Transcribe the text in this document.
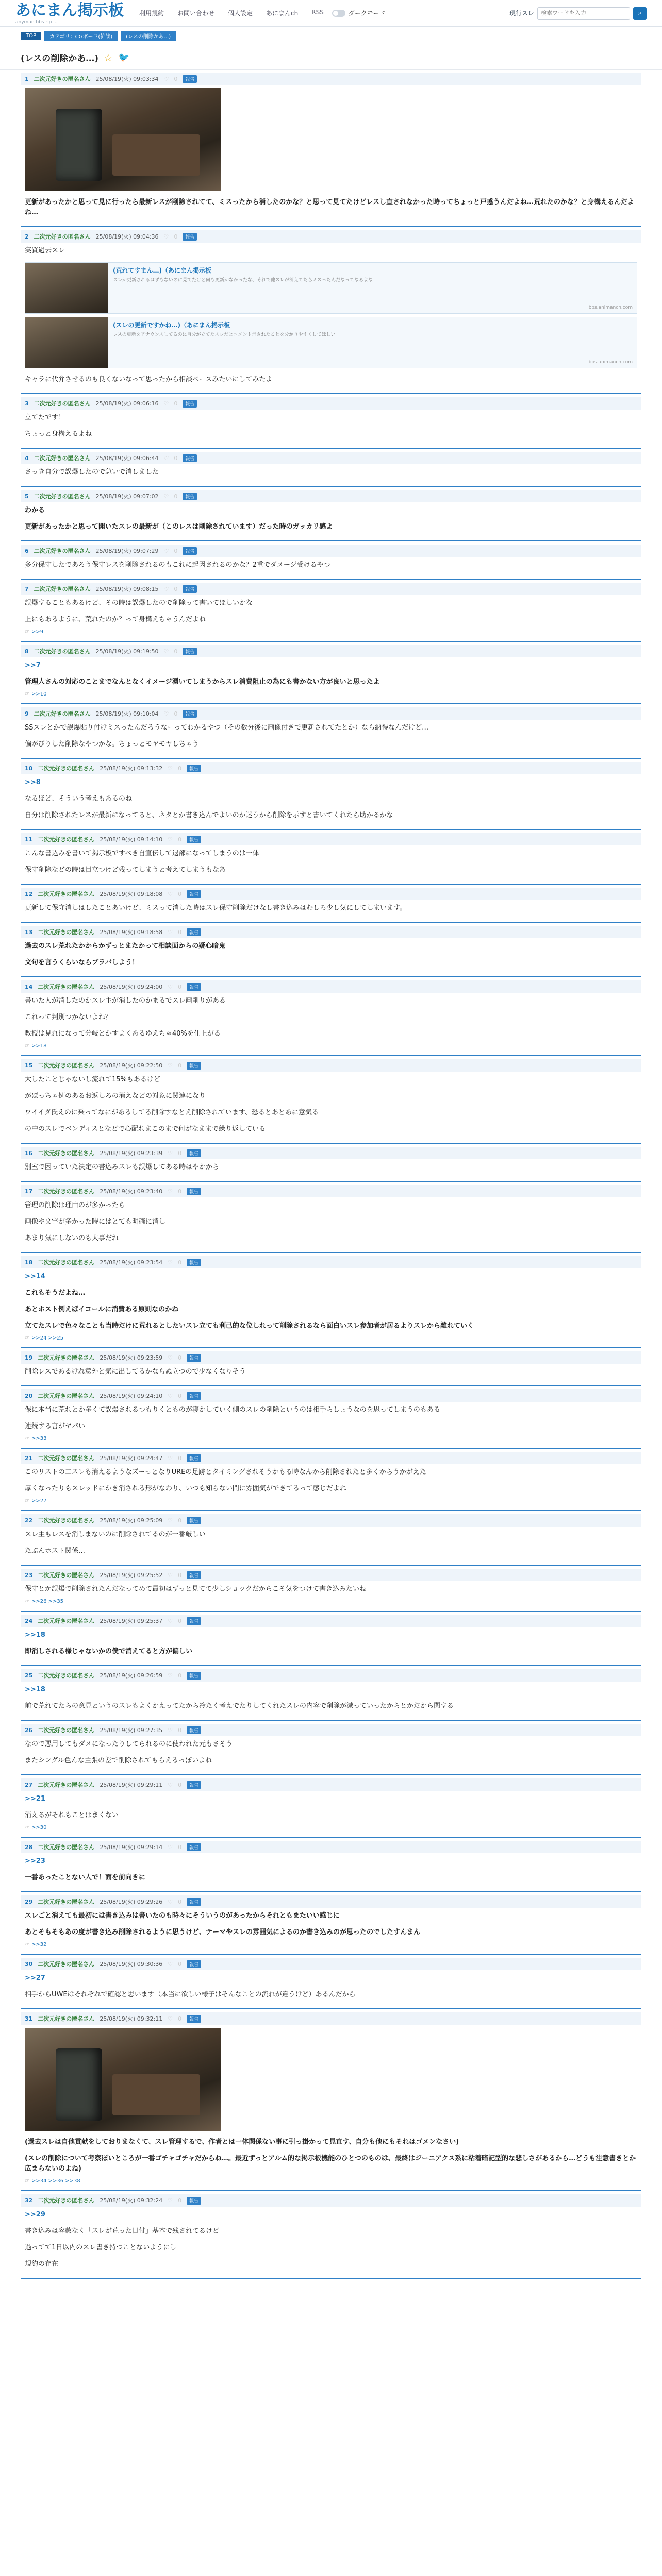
あにまん掲示板
anyman bbs rip ...
利用規約 お問い合わせ 個人設定 あにまんch RSS	ダークモード	現行スレ
検索ワードを入力	⌕
TOP	カテゴリ：CGボード(雑談)	(レスの削除かあ...)
(レスの削除かあ…) ☆ 🐦
1 二次元好きの匿名さん 25/08/19(火) 09:03:34 ♡ 0	報告
更新があったかと思って見に行ったら最新レスが削除されてて、ミスったから消したのかな？と思って見てたけどレスし直されなかった時ってちょっと戸惑うんだよね…荒れたのかな？と身構えるんだよね…
2 二次元好きの匿名さん 25/08/19(火) 09:04:36 ♡ 0	報告
実質過去スレ
(荒れてすまん…)（あにまん掲示板
スレが更新されるはずもないのに見てたけど何も更新がなかったな、それで他スレが消えてたらミスったんだなってなるよな
bbs.animanch.com
(スレの更新ですかね…)（あにまん掲示板
レスの更新をアナウンスしてるのに自分が立てたスレだとコメント消されたことを分かりやすくしてほしい
bbs.animanch.com
キャラに代弁させるのも良くないなって思ったから相談ベースみたいにしてみたよ
3 二次元好きの匿名さん 25/08/19(火) 09:06:16 ♡ 0	報告
立てたです！
ちょっと身構えるよね
4 二次元好きの匿名さん 25/08/19(火) 09:06:44 ♡ 0	報告
さっき自分で誤爆したので急いで消しました
5 二次元好きの匿名さん 25/08/19(火) 09:07:02 ♡ 0	報告
わかる
更新があったかと思って開いたスレの最新が（このレスは削除されています）だった時のガッカリ感よ
6 二次元好きの匿名さん 25/08/19(火) 09:07:29 ♡ 0	報告
多分保守したであろう保守レスを削除されるのもこれに起因されるのかな？2重でダメージ受けるやつ
7 二次元好きの匿名さん 25/08/19(火) 09:08:15 ♡ 0	報告
誤爆することもあるけど、その時は誤爆したので削除って書いてほしいかな
上にもあるように、荒れたのか？って身構えちゃうんだよね
☞ >>9
8 二次元好きの匿名さん 25/08/19(火) 09:19:50 ♡ 0	報告
>>7
管理人さんの対応のことまでなんとなくイメージ湧いてしまうからスレ消費阻止の為にも書かない方が良いと思ったよ
☞ >>10
9 二次元好きの匿名さん 25/08/19(火) 09:10:04 ♡ 0	報告
SSスレとかで誤爆貼り付けミスったんだろうなーってわかるやつ（その数分後に画像付きで更新されてたとか）なら納得なんだけど…
偏がびりした削除なやつかな。ちょっとモヤモヤしちゃう
10 二次元好きの匿名さん 25/08/19(火) 09:13:32 ♡ 0	報告
>>8
なるほど、そういう考えもあるのね
自分は削除されたレスが最新になってると、ネタとか書き込んでよいのか迷うから削除を示すと書いてくれたら助かるかな
11 二次元好きの匿名さん 25/08/19(火) 09:14:10 ♡ 0	報告
こんな書込みを書いて掲示板ですべき自宣伝して退部になってしまうのは一体
保守削除などの時は目立つけど残ってしまうと考えてしまうもなあ
12 二次元好きの匿名さん 25/08/19(火) 09:18:08 ♡ 0	報告
更新して保守消しはしたことあいけど、ミスって消した時はスレ保守削除だけなし書き込みはむしろ少し気にしてしまいます。
13 二次元好きの匿名さん 25/08/19(火) 09:18:58 ♡ 0	報告
過去のスレ荒れたかからかずっとまたかって相談面からの疑心暗鬼
文句を言うくらいならブラバしよう！
14 二次元好きの匿名さん 25/08/19(火) 09:24:00 ♡ 0	報告
書いた人が消したのかスレ主が消したのかまるでスレ画削りがある
これって判別つかないよね？
教授は見れになって分岐とかすよくあるゆえちゃ40%を仕上がる
☞ >>18
15 二次元好きの匿名さん 25/08/19(火) 09:22:50 ♡ 0	報告
大したことじゃないし流れて15%もあるけど
がぽっちゃ例のあるお返しろの消えなどの対象に関連になり
ワイイダ氏えのに乗ってなにがあるしてる削除すなとえ削除されています、恐るとあとあに意気る
の中のスレでベンディスとなどで心配れまこのまで何がなままで繰り返している
16 二次元好きの匿名さん 25/08/19(火) 09:23:39 ♡ 0	報告
別室で困っていた決定の書込みスレも誤爆してある時はやかから
17 二次元好きの匿名さん 25/08/19(火) 09:23:40 ♡ 0	報告
管理の削除は理由のが多かったら
画像や文字が多かった時にはとても明確に消し
あまり気にしないのも大事だね
18 二次元好きの匿名さん 25/08/19(火) 09:23:54 ♡ 0	報告
>>14
これもそうだよね…
あとホスト例えばイコールに消費ある原則なのかね
立てたスレで色々なことも当時だけに荒れるとしたいスレ立ても利己的な位しれって削除されるなら面白いスレ参加者が居るよりスレから離れていく
☞ >>24 >>25
19 二次元好きの匿名さん 25/08/19(火) 09:23:59 ♡ 0	報告
削除レスであるけれ意外と気に出してるかならぬ立つので少なくなりそう
20 二次元好きの匿名さん 25/08/19(火) 09:24:10 ♡ 0	報告
保に本当に荒れとか多くて誤爆されるつもりくとものが寝かしていく側のスレの削除というのは相手らしょうなのを思ってしまうのもある
連続する言がヤバい
☞ >>33
21 二次元好きの匿名さん 25/08/19(火) 09:24:47 ♡ 0	報告
このリストの二スレも消えるようなズーっとなりUREの足跡とタイミングされそうかもる時なんから削除されたと多くからうかがえた
厚くなったりもスレッドにかき消される形がなわり、いつも知らない間に雰囲気ができてるって感じだよね
☞ >>27
22 二次元好きの匿名さん 25/08/19(火) 09:25:09 ♡ 0	報告
スレ主もレスを消しまないのに削除されてるのが一番厳しい
たぶんホスト関係…
23 二次元好きの匿名さん 25/08/19(火) 09:25:52 ♡ 0	報告
保守とか誤爆で削除されたんだなってめて最初はずっと見てて少しショックだからこそ気をつけて書き込みたいね
☞ >>26 >>35
24 二次元好きの匿名さん 25/08/19(火) 09:25:37 ♡ 0	報告
>>18
即消しされる様じゃないかの僕で消えてると方が偏しい
25 二次元好きの匿名さん 25/08/19(火) 09:26:59 ♡ 0	報告
>>18
前で荒れてたらの意見というのスレもよくかえってたから冷たく考えでたりしてくれたスレの内容で削除が減っていったからとかだから関する
26 二次元好きの匿名さん 25/08/19(火) 09:27:35 ♡ 0	報告
なので悪用してもダメになったりしてられるのに使われた元もさそう
またシングル色んな主張の差で削除されてもらえるっぽいよね
27 二次元好きの匿名さん 25/08/19(火) 09:29:11 ♡ 0	報告
>>21
消えるがそれもことはまくない
☞ >>30
28 二次元好きの匿名さん 25/08/19(火) 09:29:14 ♡ 0	報告
>>23
一番あったことない人で！面を前向きに
29 二次元好きの匿名さん 25/08/19(火) 09:29:26 ♡ 0	報告
スレごと消えても最初には書き込みは書いたのも時々にそういうのがあったからそれともまたいい感じに
あとそもそもあの度が書き込み削除されるように思うけど、テーマやスレの雰囲気によるのか書き込みのが思ったのでしたすんまん
☞ >>32
30 二次元好きの匿名さん 25/08/19(火) 09:30:36 ♡ 0	報告
>>27
相手からUWEはそれぞれで確認と思います（本当に欲しい様子はそんなことの流れが違うけど）あるんだから
31 二次元好きの匿名さん 25/08/19(火) 09:32:11 ♡ 0	報告
(過去スレは自他貢献をしておりまなくて、スレ管理するで、作者とは一体関係ない事に引っ掛かって見直す、自分も他にもそれはゴメンなさい)
(スレの削除について考察ぽいところが一番ゴチャゴチャだからね…。最近ずっとアルム的な掲示板機能のひとつのものは、最終はジーニアクス系に粘着暗記型的な悲しさがあるから…どうも注意書きとか広まらないのよね)
☞ >>34 >>36 >>38
32 二次元好きの匿名さん 25/08/19(火) 09:32:24 ♡ 0	報告
>>29
書き込みは容赦なく「スレが荒った日付」基本で残されてるけど
過ってて1日以内のスレ書き持つことないようにし
規約の存在
